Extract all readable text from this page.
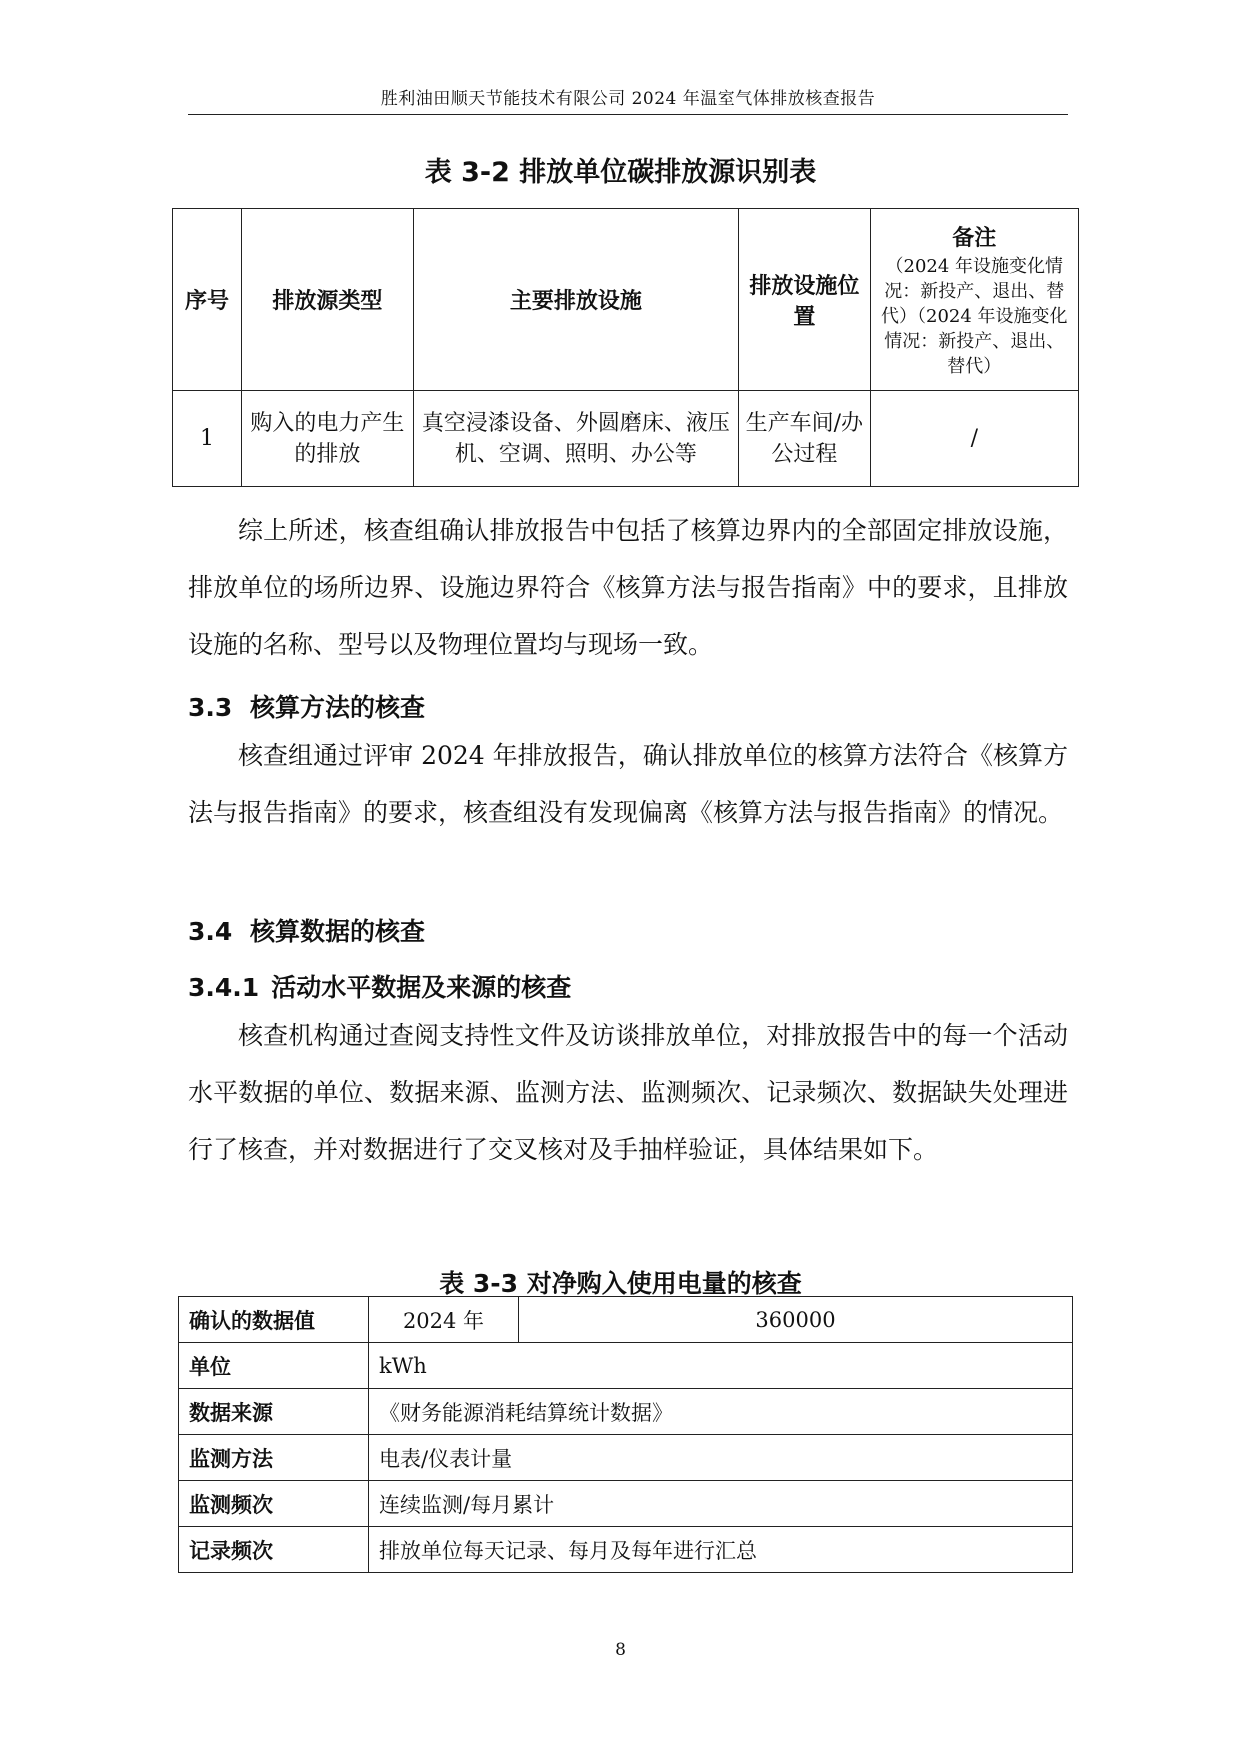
胜利油田顺天节能技术有限公司 2024 年温室气体排放核查报告
表 3-2 排放单位碳排放源识别表
序号	排放源类型	主要排放设施	排放设施位置	备注
（2024 年设施变化情况：新投产、退出、替代）（2024 年设施变化情况：新投产、退出、替代）

1	购入的电力产生的排放	真空浸漆设备、外圆磨床、液压机、空调、照明、办公等	生产车间/办公过程	/

综上所述，核查组确认排放报告中包括了核算边界内的全部固定排放设施，排放单位的场所边界、设施边界符合《核算方法与报告指南》中的要求，且排放设施的名称、型号以及物理位置均与现场一致。

3.3 核算方法的核查

核查组通过评审 2024 年排放报告，确认排放单位的核算方法符合《核算方法与报告指南》的要求，核查组没有发现偏离《核算方法与报告指南》的情况。

3.4 核算数据的核查
3.4.1 活动水平数据及来源的核查

核查机构通过查阅支持性文件及访谈排放单位，对排放报告中的每一个活动水平数据的单位、数据来源、监测方法、监测频次、记录频次、数据缺失处理进行了核查，并对数据进行了交叉核对及手抽样验证，具体结果如下。

表 3-3 对净购入使用电量的核查
确认的数据值	2024 年	360000
单位	kWh	
数据来源	《财务能源消耗结算统计数据》	
监测方法	电表/仪表计量	
监测频次	连续监测/每月累计	
记录频次	排放单位每天记录、每月及每年进行汇总	
8
